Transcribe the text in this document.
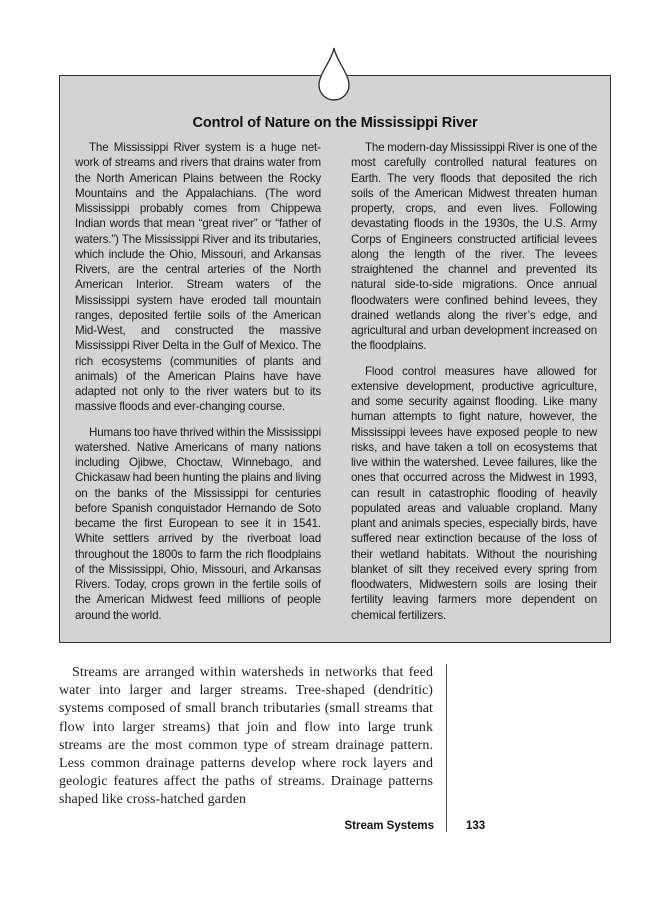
Control of Nature on the Mississippi River

The Mississippi River system is a huge network of streams and rivers that drains water from the North American Plains between the Rocky Mountains and the Appalachians. (The word Mississippi probably comes from Chippewa Indian words that mean “great river” or “father of waters.”) The Mississippi River and its tributaries, which include the Ohio, Missouri, and Arkansas Rivers, are the central arteries of the North American Interior. Stream waters of the Mississippi system have eroded tall mountain ranges, deposited fertile soils of the American Mid-West, and constructed the massive Mississippi River Delta in the Gulf of Mexico. The rich ecosystems (communities of plants and animals) of the American Plains have have adapted not only to the river waters but to its massive floods and ever-changing course.

Humans too have thrived within the Mississippi watershed. Native Americans of many nations including Ojibwe, Choctaw, Winnebago, and Chickasaw had been hunting the plains and living on the banks of the Mississippi for centuries before Spanish conquistador Hernando de Soto became the first European to see it in 1541. White settlers arrived by the riverboat load throughout the 1800s to farm the rich floodplains of the Mississippi, Ohio, Missouri, and Arkansas Rivers. Today, crops grown in the fertile soils of the American Midwest feed millions of people around the world.

The modern-day Mississippi River is one of the most carefully controlled natural features on Earth. The very floods that deposited the rich soils of the American Midwest threaten human property, crops, and even lives. Following devastating floods in the 1930s, the U.S. Army Corps of Engineers constructed artificial levees along the length of the river. The levees straightened the channel and prevented its natural side-to-side migrations. Once annual floodwaters were confined behind levees, they drained wetlands along the river’s edge, and agricultural and urban development increased on the floodplains.

Flood control measures have allowed for extensive development, productive agriculture, and some security against flooding. Like many human attempts to fight nature, however, the Mississippi levees have exposed people to new risks, and have taken a toll on ecosystems that live within the watershed. Levee failures, like the ones that occurred across the Midwest in 1993, can result in catastrophic flooding of heavily populated areas and valuable cropland. Many plant and animals species, especially birds, have suffered near extinction because of the loss of their wetland habitats. Without the nourishing blanket of silt they received every spring from floodwaters, Midwestern soils are losing their fertility leaving farmers more dependent on chemical fertilizers.

Streams are arranged within watersheds in networks that feed water into larger and larger streams. Tree-shaped (dendritic) systems composed of small branch tributaries (small streams that flow into larger streams) that join and flow into large trunk streams are the most common type of stream drainage pattern. Less common drainage patterns develop where rock layers and geologic features affect the paths of streams. Drainage patterns shaped like cross-hatched garden

Stream Systems	133
